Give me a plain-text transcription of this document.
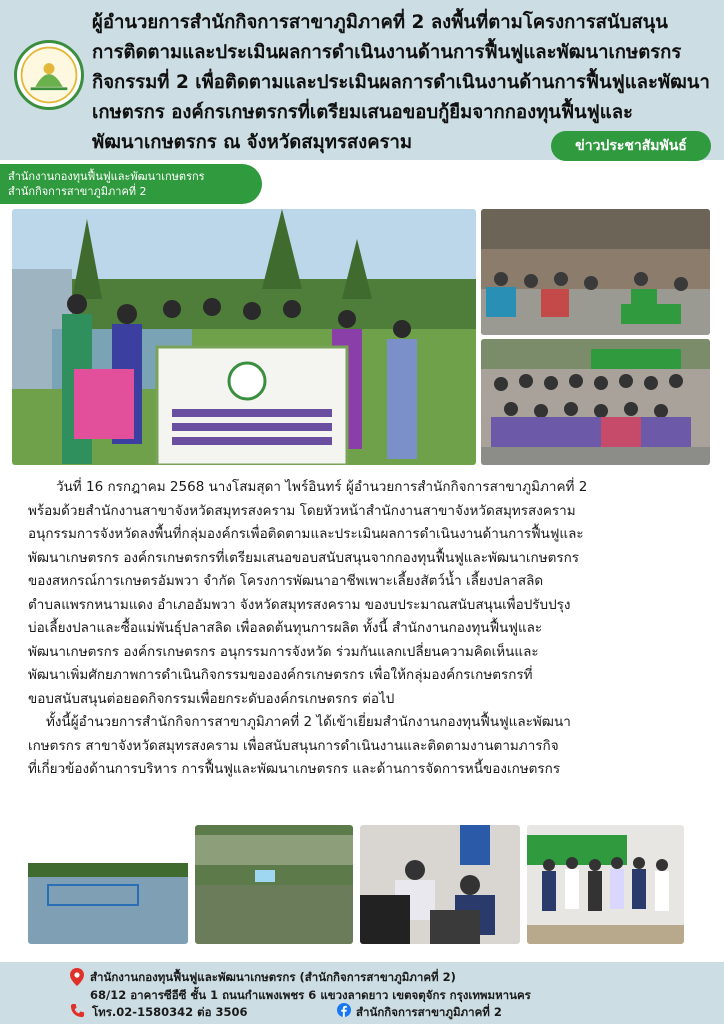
ผู้อำนวยการสำนักกิจการสาขาภูมิภาคที่ 2 ลงพื้นที่ตามโครงการสนับสนุน
การติดตามและประเมินผลการดำเนินงานด้านการฟื้นฟูและพัฒนาเกษตรกร
กิจกรรมที่ 2 เพื่อติดตามและประเมินผลการดำเนินงานด้านการฟื้นฟูและพัฒนา
เกษตรกร องค์กรเกษตรกรที่เตรียมเสนอขอบกู้ยืมจากกองทุนฟื้นฟูและ
พัฒนาเกษตรกร ณ จังหวัดสมุทรสงคราม	ข่าวประชาสัมพันธ์
สำนักงานกองทุนฟื้นฟูและพัฒนาเกษตรกร
สำนักกิจการสาขาภูมิภาคที่ 2
วันที่ 16 กรกฎาคม 2568 นางโสมสุดา ไพร์อินทร์ ผู้อำนวยการสำนักกิจการสาขาภูมิภาคที่ 2
พร้อมด้วยสำนักงานสาขาจังหวัดสมุทรสงคราม โดยหัวหน้าสำนักงานสาขาจังหวัดสมุทรสงคราม
อนุกรรมการจังหวัดลงพื้นที่กลุ่มองค์กรเพื่อติดตามและประเมินผลการดำเนินงานด้านการฟื้นฟูและ
พัฒนาเกษตรกร องค์กรเกษตรกรที่เตรียมเสนอขอบสนับสนุนจากกองทุนฟื้นฟูและพัฒนาเกษตรกร
ของสหกรณ์การเกษตรอัมพวา จำกัด โครงการพัฒนาอาชีพเพาะเลี้ยงสัตว์น้ำ เลี้ยงปลาสลิด
ตำบลแพรกหนามแดง อำเภออัมพวา จังหวัดสมุทรสงคราม ของบประมาณสนับสนุนเพื่อปรับปรุง
บ่อเลี้ยงปลาและซื้อแม่พันธุ์ปลาสลิด เพื่อลดต้นทุนการผลิต ทั้งนี้ สำนักงานกองทุนฟื้นฟูและ
พัฒนาเกษตรกร องค์กรเกษตรกร อนุกรรมการจังหวัด ร่วมกันแลกเปลี่ยนความคิดเห็นและ
พัฒนาเพิ่มศักยภาพการดำเนินกิจกรรมขององค์กรเกษตรกร เพื่อให้กลุ่มองค์กรเกษตรกรที่
ขอบสนับสนุนต่อยอดกิจกรรมเพื่อยกระดับองค์กรเกษตรกร ต่อไป
ทั้งนี้ผู้อำนวยการสำนักกิจการสาขาภูมิภาคที่ 2 ได้เข้าเยี่ยมสำนักงานกองทุนฟื้นฟูและพัฒนา
เกษตรกร สาขาจังหวัดสมุทรสงคราม เพื่อสนับสนุนการดำเนินงานและติดตามงานตามภารกิจ
ที่เกี่ยวข้องด้านการบริหาร การฟื้นฟูและพัฒนาเกษตรกร และด้านการจัดการหนี้ของเกษตรกร
สำนักงานกองทุนฟื้นฟูและพัฒนาเกษตรกร (สำนักกิจการสาขาภูมิภาคที่ 2)
68/12 อาคารซีอีซี ชั้น 1 ถนนกำแพงเพชร 6 แขวงลาดยาว เขตจตุจักร กรุงเทพมหานคร
โทร.02-1580342 ต่อ 3506	สำนักกิจการสาขาภูมิภาคที่ 2
